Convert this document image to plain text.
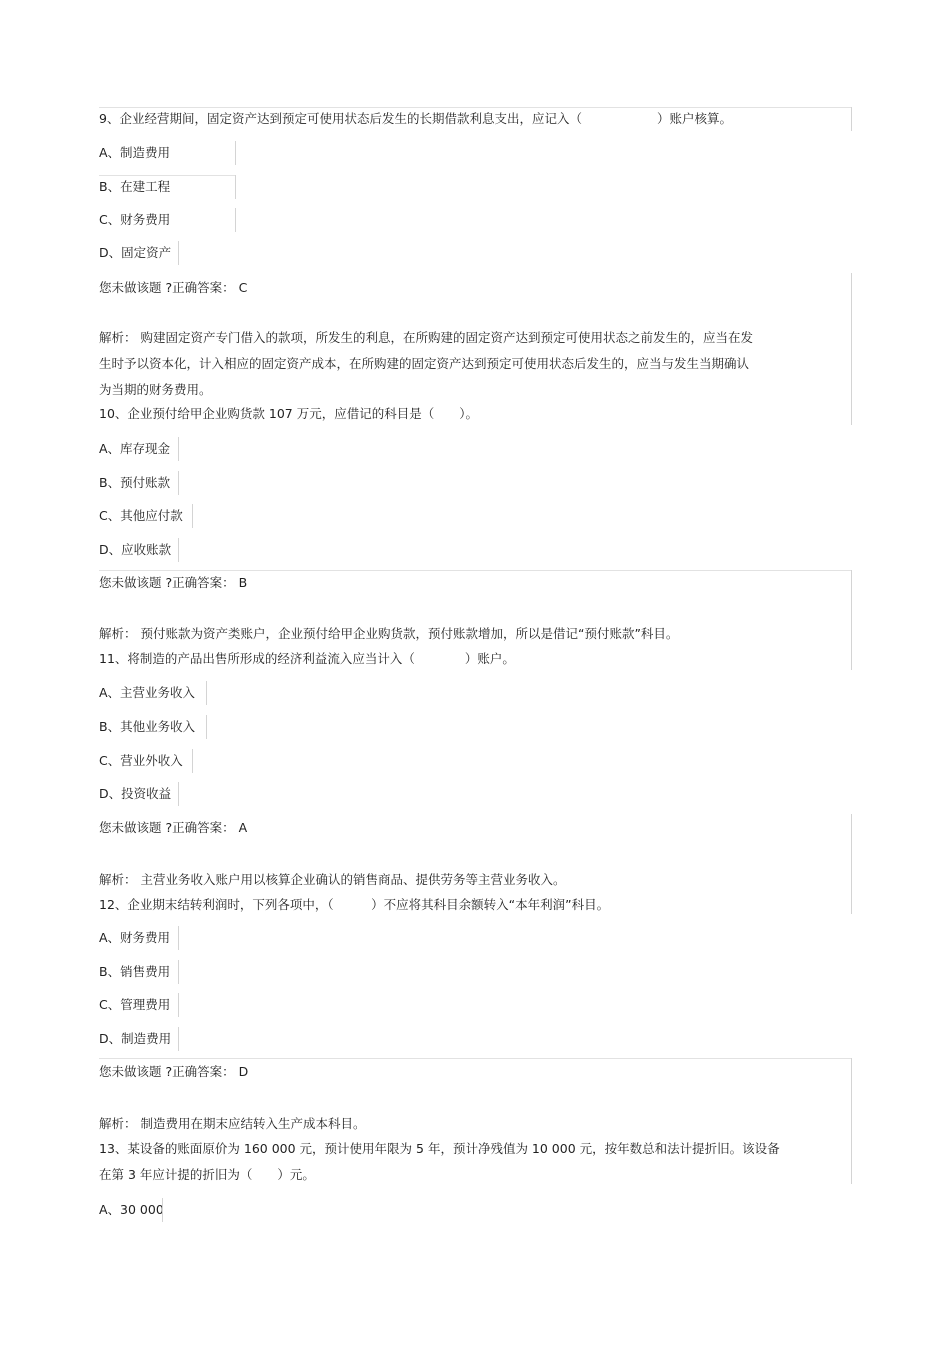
9、企业经营期间，固定资产达到预定可使用状态后发生的长期借款利息支出，应记入（　　　　　　）账户核算。
A、制造费用
B、在建工程
C、财务费用
D、固定资产
您未做该题 ?正确答案： C
解析： 购建固定资产专门借入的款项，所发生的利息，在所购建的固定资产达到预定可使用状态之前发生的，应当在发
生时予以资本化，计入相应的固定资产成本，在所购建的固定资产达到预定可使用状态后发生的，应当与发生当期确认
为当期的财务费用。
10、企业预付给甲企业购货款 107 万元，应借记的科目是（　　）。
A、库存现金
B、预付账款
C、其他应付款
D、应收账款
您未做该题 ?正确答案： B
解析： 预付账款为资产类账户，企业预付给甲企业购货款，预付账款增加，所以是借记“预付账款”科目。
11、将制造的产品出售所形成的经济利益流入应当计入（　　　　）账户。
A、主营业务收入
B、其他业务收入
C、营业外收入
D、投资收益
您未做该题 ?正确答案： A
解析： 主营业务收入账户用以核算企业确认的销售商品、提供劳务等主营业务收入。
12、企业期末结转利润时，下列各项中，（　　　）不应将其科目余额转入“本年利润”科目。
A、财务费用
B、销售费用
C、管理费用
D、制造费用
您未做该题 ?正确答案： D
解析： 制造费用在期末应结转入生产成本科目。
13、某设备的账面原价为 160 000 元，预计使用年限为 5 年，预计净残值为 10 000 元，按年数总和法计提折旧。该设备
在第 3 年应计提的折旧为（　　）元。
A、30 000
